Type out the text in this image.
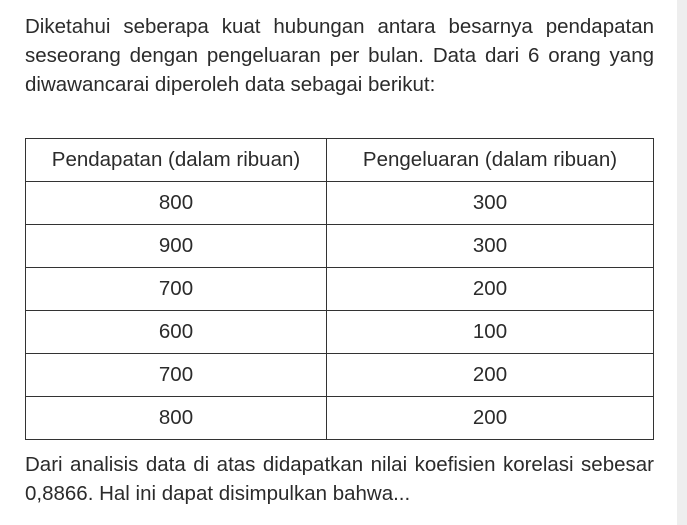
Diketahui seberapa kuat hubungan antara besarnya pendapatan seseorang dengan pengeluaran per bulan. Data dari 6 orang yang diwawancarai diperoleh data sebagai berikut:

Pendapatan (dalam ribuan)	Pengeluaran (dalam ribuan)
800	300
900	300
700	200
600	100
700	200
800	200

Dari analisis data di atas didapatkan nilai koefisien korelasi sebesar 0,8866. Hal ini dapat disimpulkan bahwa...
